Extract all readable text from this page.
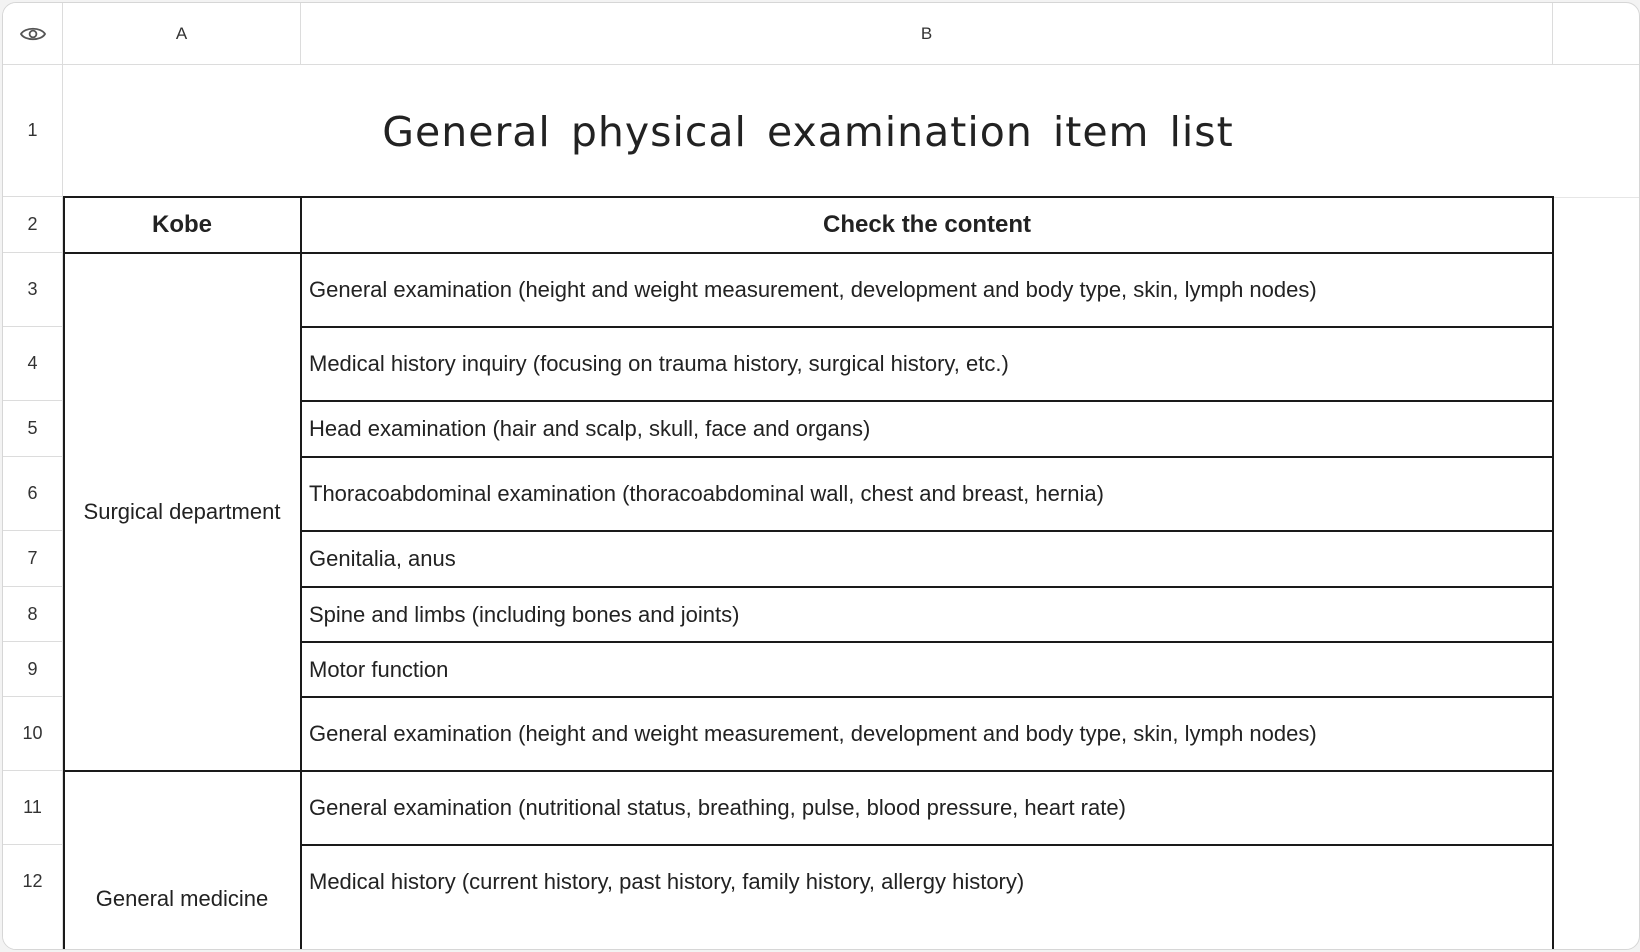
A	B
1
2
3
4
5
6
7
8
9
10
11
12
General physical examination item list
Kobe	Check the content
Surgical department
General medicine
General examination (height and weight measurement, development and body type, skin, lymph nodes)
Medical history inquiry (focusing on trauma history, surgical history, etc.)
Head examination (hair and scalp, skull, face and organs)
Thoracoabdominal examination (thoracoabdominal wall, chest and breast, hernia)
Genitalia, anus
Spine and limbs (including bones and joints)
Motor function
General examination (height and weight measurement, development and body type, skin, lymph nodes)
General examination (nutritional status, breathing, pulse, blood pressure, heart rate)
Medical history (current history, past history, family history, allergy history)
